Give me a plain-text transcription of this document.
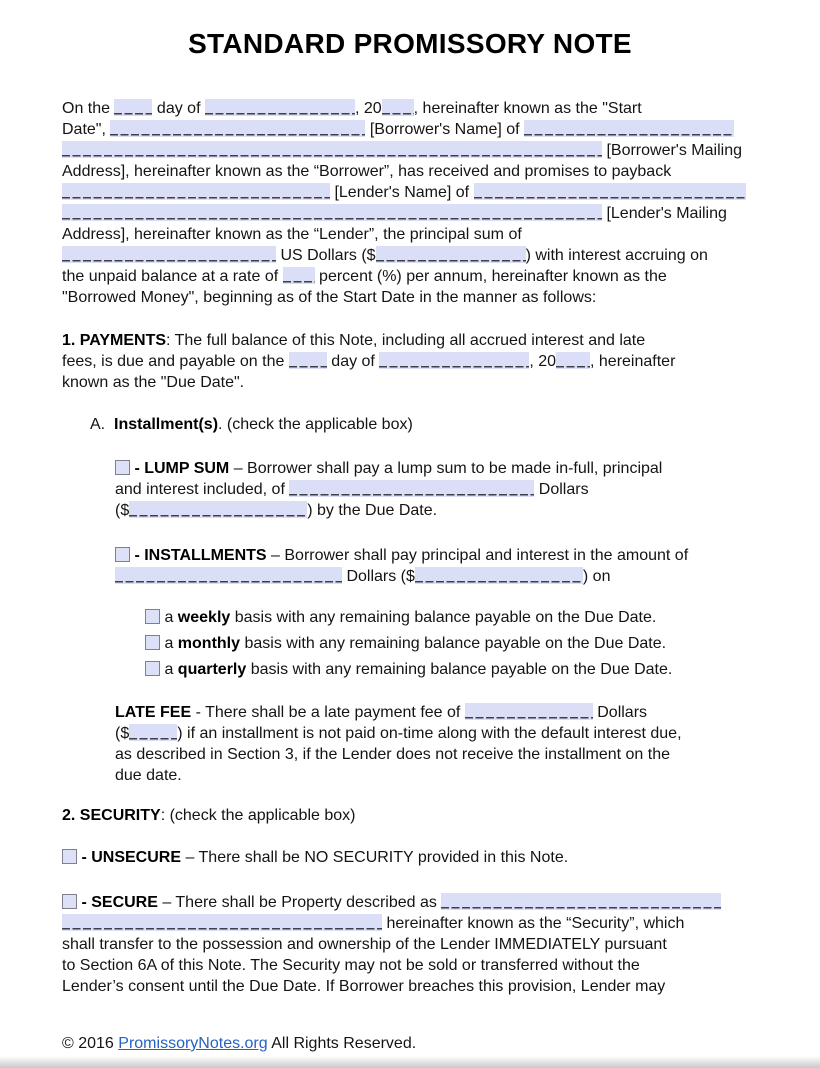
STANDARD PROMISSORY NOTE
On the  day of	, 20 , hereinafter known as the "Start
Date",	[Borrower's Name] of
[Borrower's Mailing
Address], hereinafter known as the “Borrower”, has received and promises to payback
[Lender's Name] of
[Lender's Mailing
Address], hereinafter known as the “Lender”, the principal sum of
US Dollars ($	) with interest accruing on
the unpaid balance at a rate of  percent (%) per annum, hereinafter known as the
"Borrowed Money", beginning as of the Start Date in the manner as follows:
1. PAYMENTS: The full balance of this Note, including all accrued interest and late
fees, is due and payable on the  day of	, 20 , hereinafter
known as the "Due Date".
A.  Installment(s). (check the applicable box)
- LUMP SUM – Borrower shall pay a lump sum to be made in-full, principal
and interest included, of	Dollars
($	) by the Due Date.
- INSTALLMENTS – Borrower shall pay principal and interest in the amount of
Dollars ($	) on
a weekly basis with any remaining balance payable on the Due Date.
a monthly basis with any remaining balance payable on the Due Date.
a quarterly basis with any remaining balance payable on the Due Date.
LATE FEE - There shall be a late payment fee of	Dollars
($	) if an installment is not paid on-time along with the default interest due,
as described in Section 3, if the Lender does not receive the installment on the
due date.
2. SECURITY: (check the applicable box)
- UNSECURE – There shall be NO SECURITY provided in this Note.
- SECURE – There shall be Property described as
hereinafter known as the “Security”, which
shall transfer to the possession and ownership of the Lender IMMEDIATELY pursuant
to Section 6A of this Note. The Security may not be sold or transferred without the
Lender’s consent until the Due Date. If Borrower breaches this provision, Lender may
© 2016 PromissoryNotes.org All Rights Reserved.
